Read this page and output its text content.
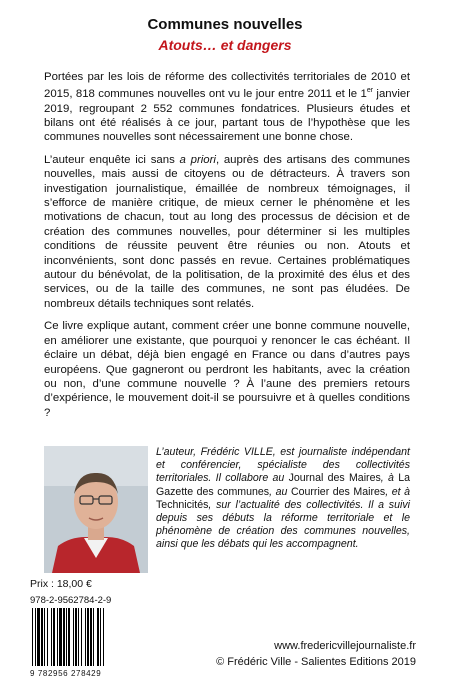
Communes nouvelles
Atouts… et dangers

Portées par les lois de réforme des collectivités territoriales de 2010 et 2015, 818 communes nouvelles ont vu le jour entre 2011 et le 1er janvier 2019, regroupant 2 552 communes fondatrices. Plusieurs études et bilans ont été réalisés à ce jour, partant tous de l’hypothèse que les communes nouvelles sont nécessairement une bonne chose.

L’auteur enquête ici sans a priori, auprès des artisans des communes nouvelles, mais aussi de citoyens ou de détracteurs. À travers son investigation journalistique, émaillée de nombreux témoignages, il s’efforce de manière critique, de mieux cerner le phénomène et les motivations de chacun, tout au long des processus de décision et de création des communes nouvelles, pour déterminer si les multiples conditions de réussite peuvent être réunies ou non. Atouts et inconvénients, sont donc passés en revue. Certaines problématiques autour du bénévolat, de la politisation, de la proximité des élus et des services, ou de la taille des communes, ne sont pas éludées. De nombreux détails techniques sont relatés.

Ce livre explique autant, comment créer une bonne commune nouvelle, en améliorer une existante, que pourquoi y renoncer le cas échéant. Il éclaire un débat, déjà bien engagé en France ou dans d’autres pays européens. Que gagneront ou perdront les habitants, avec la création ou non, d’une commune nouvelle ? À l’aune des premiers retours d’expérience, le mouvement doit-il se poursuivre et à quelles conditions ?

L’auteur, Frédéric VILLE, est journaliste indépendant et conférencier, spécialiste des collectivités territoriales. Il collabore au Journal des Maires, à La Gazette des communes, au Courrier des Maires, et à Technicités, sur l’actualité des collectivités. Il a suivi depuis ses débuts la réforme territoriale et le phénomène de création des communes nouvelles, ainsi que les débats qui les accompagnent.
Prix : 18,00 €
978-2-9562784-2-9
9 782956 278429
www.fredericvillejournaliste.fr
© Frédéric Ville - Salientes Editions 2019
